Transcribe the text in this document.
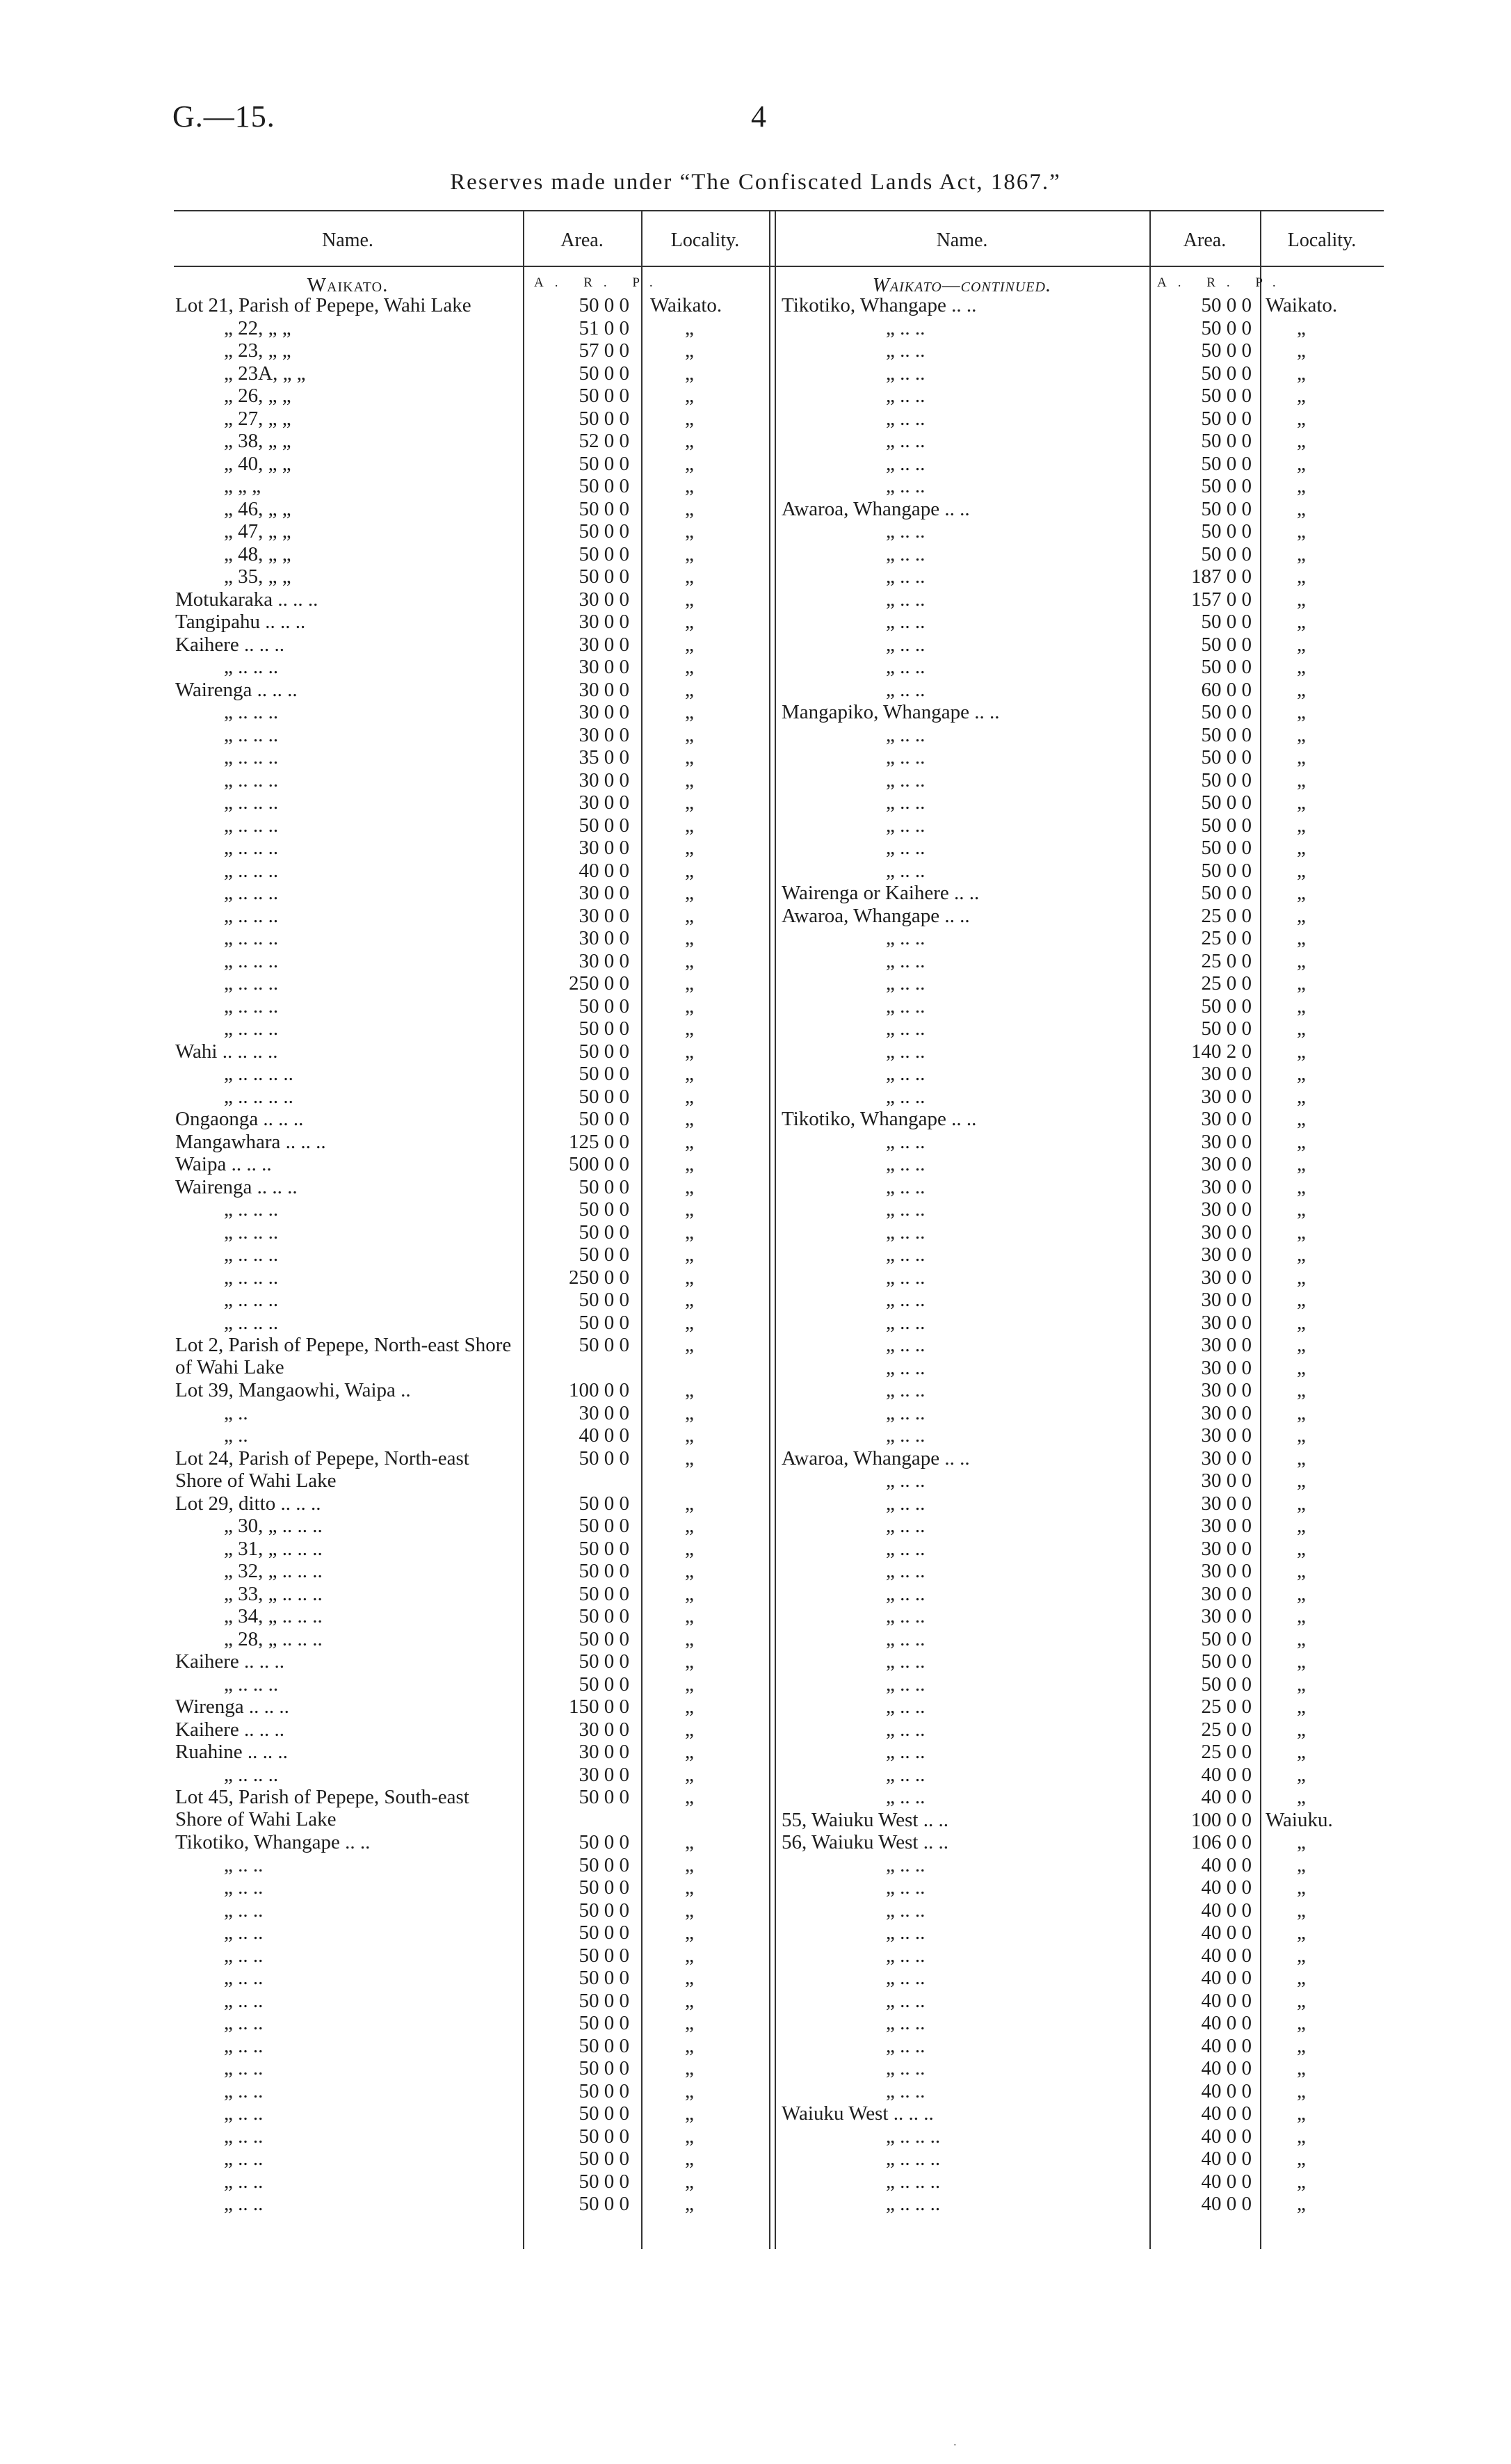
G.—15.	4
Reserves made under “The Confiscated Lands Act, 1867.”
Name.	Area.	Locality.	Name.	Area.	Locality.
Waikato.	Waikato—continued.
A. R. P.	A. R. P.
Lot 21, Parish of Pepepe, Wahi Lake	50 0 0 Waikato.
„ 22, „ „	51 0 0	„
„ 23, „ „	57 0 0	„
„ 23A, „ „	50 0 0	„
„ 26, „ „	50 0 0	„
„ 27, „ „	50 0 0	„
„ 38, „ „	52 0 0	„
„ 40, „ „	50 0 0	„
„ „ „	50 0 0	„
„ 46, „ „	50 0 0	„
„ 47, „ „	50 0 0	„
„ 48, „ „	50 0 0	„
„ 35, „ „	50 0 0	„
Motukaraka .. .. ..	30 0 0	„
Tangipahu .. .. ..	30 0 0	„
Kaihere .. .. ..	30 0 0	„
„ .. .. ..	30 0 0	„
Wairenga .. .. ..	30 0 0	„
„ .. .. ..	30 0 0	„
„ .. .. ..	30 0 0	„
„ .. .. ..	35 0 0	„
„ .. .. ..	30 0 0	„
„ .. .. ..	30 0 0	„
„ .. .. ..	50 0 0	„
„ .. .. ..	30 0 0	„
„ .. .. ..	40 0 0	„
„ .. .. ..	30 0 0	„
„ .. .. ..	30 0 0	„
„ .. .. ..	30 0 0	„
„ .. .. ..	30 0 0	„
„ .. .. ..	250 0 0	„
„ .. .. ..	50 0 0	„
„ .. .. ..	50 0 0	„
Wahi .. .. .. ..	50 0 0	„
„ .. .. .. ..	50 0 0	„
„ .. .. .. ..	50 0 0	„
Ongaonga .. .. ..	50 0 0	„
Mangawhara .. .. ..	125 0 0	„
Waipa .. .. ..	500 0 0	„
Wairenga .. .. ..	50 0 0	„
„ .. .. ..	50 0 0	„
„ .. .. ..	50 0 0	„
„ .. .. ..	50 0 0	„
„ .. .. ..	250 0 0	„
„ .. .. ..	50 0 0	„
„ .. .. ..	50 0 0	„
Lot 2, Parish of Pepepe, North-east Shore of Wahi Lake
50 0 0	„
Lot 39, Mangaowhi, Waipa ..	100 0 0	„
„ ..	30 0 0	„
„ ..	40 0 0	„
Lot 24, Parish of Pepepe, North-east Shore of Wahi Lake
50 0 0	„
Lot 29, ditto .. .. ..	50 0 0	„
„ 30, „ .. .. ..	50 0 0	„
„ 31, „ .. .. ..	50 0 0	„
„ 32, „ .. .. ..	50 0 0	„
„ 33, „ .. .. ..	50 0 0	„
„ 34, „ .. .. ..	50 0 0	„
„ 28, „ .. .. ..	50 0 0	„
Kaihere .. .. ..	50 0 0	„
„ .. .. ..	50 0 0	„
Wirenga .. .. ..	150 0 0	„
Kaihere .. .. ..	30 0 0	„
Ruahine .. .. ..	30 0 0	„
„ .. .. ..	30 0 0	„
Lot 45, Parish of Pepepe, South-east Shore of Wahi Lake
50 0 0	„
Tikotiko, Whangape .. ..	50 0 0	„
„ .. ..	50 0 0	„
„ .. ..	50 0 0	„
„ .. ..	50 0 0	„
„ .. ..	50 0 0	„
„ .. ..	50 0 0	„
„ .. ..	50 0 0	„
„ .. ..	50 0 0	„
„ .. ..	50 0 0	„
„ .. ..	50 0 0	„
„ .. ..	50 0 0	„
„ .. ..	50 0 0	„
„ .. ..	50 0 0	„
„ .. ..	50 0 0	„
„ .. ..	50 0 0	„
„ .. ..	50 0 0	„
„ .. ..	50 0 0	„
Tikotiko, Whangape .. ..	50 0 0 Waikato.
„ .. ..	50 0 0 „
„ .. ..	50 0 0 „
„ .. ..	50 0 0 „
„ .. ..	50 0 0 „
„ .. ..	50 0 0 „
„ .. ..	50 0 0 „
„ .. ..	50 0 0 „
„ .. ..	50 0 0 „
Awaroa, Whangape .. ..	50 0 0 „
„ .. ..	50 0 0 „
„ .. ..	50 0 0 „
„ .. ..	187 0 0 „
„ .. ..	157 0 0 „
„ .. ..	50 0 0 „
„ .. ..	50 0 0 „
„ .. ..	50 0 0 „
„ .. ..	60 0 0 „
Mangapiko, Whangape .. ..	50 0 0 „
„ .. ..	50 0 0 „
„ .. ..	50 0 0 „
„ .. ..	50 0 0 „
„ .. ..	50 0 0 „
„ .. ..	50 0 0 „
„ .. ..	50 0 0 „
„ .. ..	50 0 0 „
Wairenga or Kaihere .. ..	50 0 0 „
Awaroa, Whangape .. ..	25 0 0 „
„ .. ..	25 0 0 „
„ .. ..	25 0 0 „
„ .. ..	25 0 0 „
„ .. ..	50 0 0 „
„ .. ..	50 0 0 „
„ .. ..	140 2 0 „
„ .. ..	30 0 0 „
„ .. ..	30 0 0 „
Tikotiko, Whangape .. ..	30 0 0 „
„ .. ..	30 0 0 „
„ .. ..	30 0 0 „
„ .. ..	30 0 0 „
„ .. ..	30 0 0 „
„ .. ..	30 0 0 „
„ .. ..	30 0 0 „
„ .. ..	30 0 0 „
„ .. ..	30 0 0 „
„ .. ..	30 0 0 „
„ .. ..	30 0 0 „
„ .. ..	30 0 0 „
„ .. ..	30 0 0 „
„ .. ..	30 0 0 „
„ .. ..	30 0 0 „
Awaroa, Whangape .. ..	30 0 0 „
„ .. ..	30 0 0 „
„ .. ..	30 0 0 „
„ .. ..	30 0 0 „
„ .. ..	30 0 0 „
„ .. ..	30 0 0 „
„ .. ..	30 0 0 „
„ .. ..	30 0 0 „
„ .. ..	50 0 0 „
„ .. ..	50 0 0 „
„ .. ..	50 0 0 „
„ .. ..	25 0 0 „
„ .. ..	25 0 0 „
„ .. ..	25 0 0 „
„ .. ..	40 0 0 „
„ .. ..	40 0 0 „
55, Waiuku West .. ..	100 0 0 Waiuku.
56, Waiuku West .. ..	106 0 0 „
„ .. ..	40 0 0 „
„ .. ..	40 0 0 „
„ .. ..	40 0 0 „
„ .. ..	40 0 0 „
„ .. ..	40 0 0 „
„ .. ..	40 0 0 „
„ .. ..	40 0 0 „
„ .. ..	40 0 0 „
„ .. ..	40 0 0 „
„ .. ..	40 0 0 „
„ .. ..	40 0 0 „
Waiuku West .. .. ..	40 0 0 „
„ .. .. ..	40 0 0 „
„ .. .. ..	40 0 0 „
„ .. .. ..	40 0 0 „
„ .. .. ..	40 0 0 „
·
